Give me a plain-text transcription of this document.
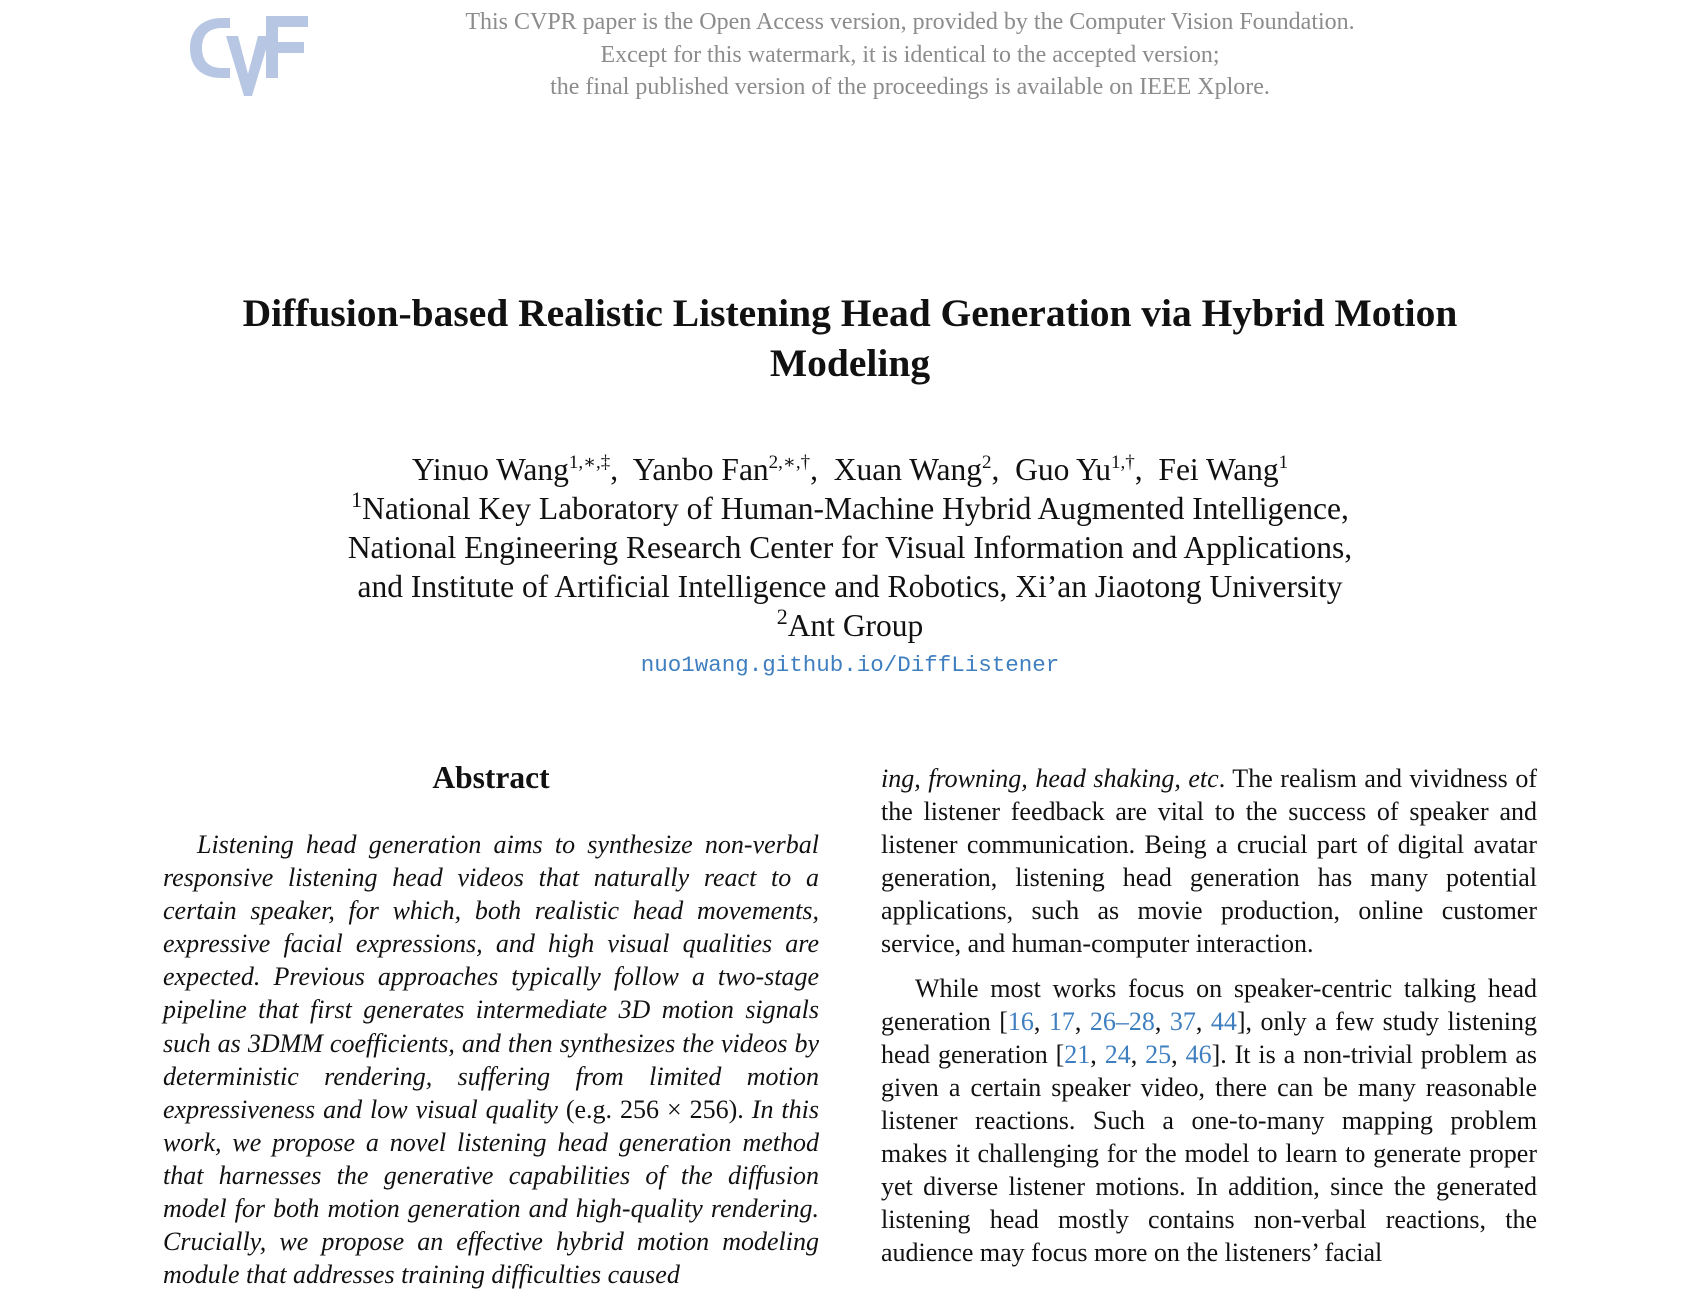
This CVPR paper is the Open Access version, provided by the Computer Vision Foundation.
Except for this watermark, it is identical to the accepted version;
the final published version of the proceedings is available on IEEE Xplore.
Diffusion-based Realistic Listening Head Generation via Hybrid Motion
Modeling
Yinuo Wang$^{1,∗,\ddagger}$,  Yanbo Fan$^{2,∗,\dagger}$,  Xuan Wang$^2$,  Guo $Yu^{1,\dagger}$,  Fei Wang$^1$
$^1$National Key Laboratory of Human-Machine Hybrid Augmented Intelligence,
National Engineering Research Center for Visual Information and Applications,
and Institute of Artificial Intelligence and Robotics, Xi’an Jiaotong University
$^2$Ant Group
nuo1wang.github.io/DiffListener
Abstract

Listening head generation aims to synthesize non-verbal responsive listening head videos that naturally react to a certain speaker, for which, both realistic head movements, expressive facial expressions, and high visual qualities are expected. Previous approaches typically follow a two-stage pipeline that first generates intermediate 3D motion signals such as 3DMM coefficients, and then synthesizes the videos by deterministic rendering, suffering from limited motion expressiveness and low visual quality (e.g. 256 × 256). In this work, we propose a novel listening head generation method that harnesses the generative capabilities of the diffusion model for both motion generation and high-quality rendering. Crucially, we propose an effective hybrid motion modeling module that addresses training difficulties caused

ing, frowning, head shaking, etc. The realism and vividness of the listener feedback are vital to the success of speaker and listener communication. Being a crucial part of digital avatar generation, listening head generation has many potential applications, such as movie production, online customer service, and human-computer interaction.

While most works focus on speaker-centric talking head generation [16, 17, 26–28, 37, 44], only a few study listening head generation [21, 24, 25, 46]. It is a non-trivial problem as given a certain speaker video, there can be many reasonable listener reactions. Such a one-to-many mapping problem makes it challenging for the model to learn to generate proper yet diverse listener motions. In addition, since the generated listening head mostly contains non-verbal reactions, the audience may focus more on the listeners’ facial
